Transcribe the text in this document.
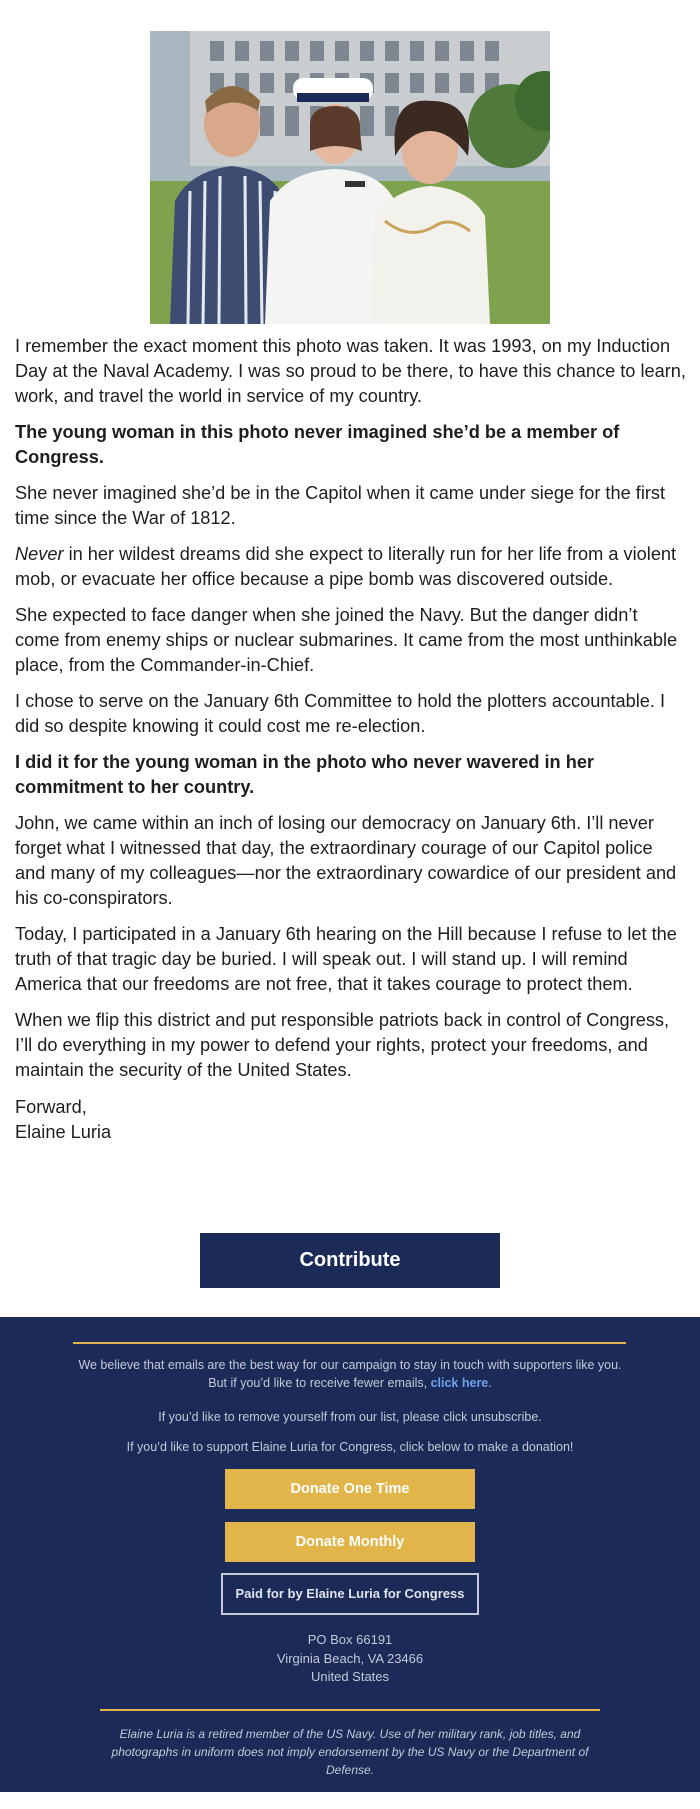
I remember the exact moment this photo was taken. It was 1993, on my Induction Day at the Naval Academy. I was so proud to be there, to have this chance to learn, work, and travel the world in service of my country.

The young woman in this photo never imagined she’d be a member of Congress.

She never imagined she’d be in the Capitol when it came under siege for the first time since the War of 1812.

Never in her wildest dreams did she expect to literally run for her life from a violent mob, or evacuate her office because a pipe bomb was discovered outside.

She expected to face danger when she joined the Navy. But the danger didn’t come from enemy ships or nuclear submarines. It came from the most unthinkable place, from the Commander-in-Chief.

I chose to serve on the January 6th Committee to hold the plotters accountable. I did so despite knowing it could cost me re-election.

I did it for the young woman in the photo who never wavered in her commitment to her country.

John, we came within an inch of losing our democracy on January 6th. I’ll never forget what I witnessed that day, the extraordinary courage of our Capitol police and many of my colleagues—nor the extraordinary cowardice of our president and his co-conspirators.

Today, I participated in a January 6th hearing on the Hill because I refuse to let the truth of that tragic day be buried. I will speak out. I will stand up. I will remind America that our freedoms are not free, that it takes courage to protect them.

When we flip this district and put responsible patriots back in control of Congress, I’ll do everything in my power to defend your rights, protect your freedoms, and maintain the security of the United States.

Forward,
Elaine Luria

Contribute
We believe that emails are the best way for our campaign to stay in touch with supporters like you. But if you’d like to receive fewer emails, click here.
If you’d like to remove yourself from our list, please click unsubscribe.
If you’d like to support Elaine Luria for Congress, click below to make a donation!
Donate One Time
Donate Monthly
Paid for by Elaine Luria for Congress
PO Box 66191
Virginia Beach, VA 23466
United States
Elaine Luria is a retired member of the US Navy. Use of her military rank, job titles, and photographs in uniform does not imply endorsement by the US Navy or the Department of Defense.
